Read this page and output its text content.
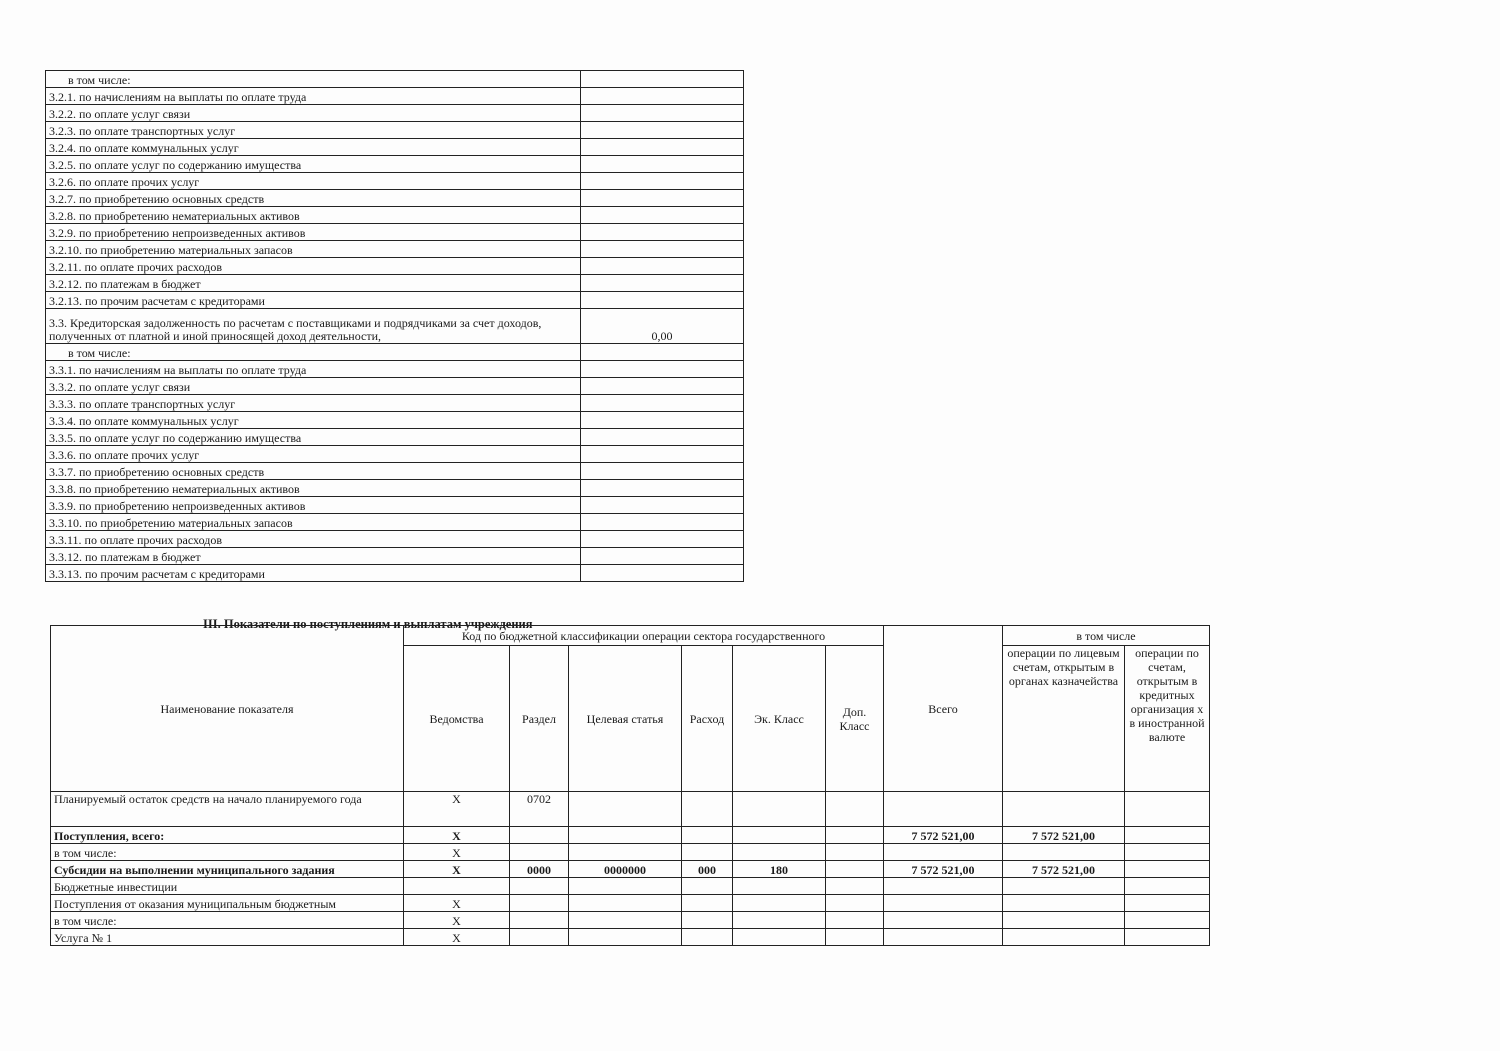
в том числе:	
3.2.1. по начислениям на выплаты по оплате труда	
3.2.2. по оплате услуг связи	
3.2.3. по оплате транспортных услуг	
3.2.4. по оплате коммунальных услуг	
3.2.5. по оплате услуг по содержанию имущества	
3.2.6. по оплате прочих услуг	
3.2.7. по приобретению основных средств	
3.2.8. по приобретению нематериальных активов	
3.2.9. по приобретению непроизведенных активов	
3.2.10. по приобретению материальных запасов	
3.2.11. по оплате прочих расходов	
3.2.12. по платежам в бюджет	
3.2.13. по прочим расчетам с кредиторами	
3.3. Кредиторская задолженность по расчетам с поставщиками и подрядчиками за счет доходов, полученных от платной и иной приносящей доход деятельности,	0,00
в том числе:	
3.3.1. по начислениям на выплаты по оплате труда	
3.3.2. по оплате услуг связи	
3.3.3. по оплате транспортных услуг	
3.3.4. по оплате коммунальных услуг	
3.3.5. по оплате услуг по содержанию имущества	
3.3.6. по оплате прочих услуг	
3.3.7. по приобретению основных средств	
3.3.8. по приобретению нематериальных активов	
3.3.9. по приобретению непроизведенных активов	
3.3.10. по приобретению материальных запасов	
3.3.11. по оплате прочих расходов	
3.3.12. по платежам в бюджет	
3.3.13. по прочим расчетам с кредиторами	
III. Показатели по поступлениям и выплатам учреждения
Наименование показателя	Код по бюджетной классификации операции сектора государственного						Всего	в том числе	
	Ведомства	Раздел	Целевая статья	Расход	Эк. Класс	Доп. Класс		операции по лицевым счетам, открытым в органах казначейства	операции по счетам, открытым в кредитных организация х в иностранной валюте
Планируемый остаток средств на начало планируемого года	X	0702							
Поступления, всего:	X						7 572 521,00	7 572 521,00	
в том числе:	X								
Субсидии на выполнении муниципального задания	X	0000	0000000	000	180		7 572 521,00	7 572 521,00	
Бюджетные инвестиции									
Поступления от оказания муниципальным бюджетным	X								
в том числе:	X								
Услуга № 1	X								
